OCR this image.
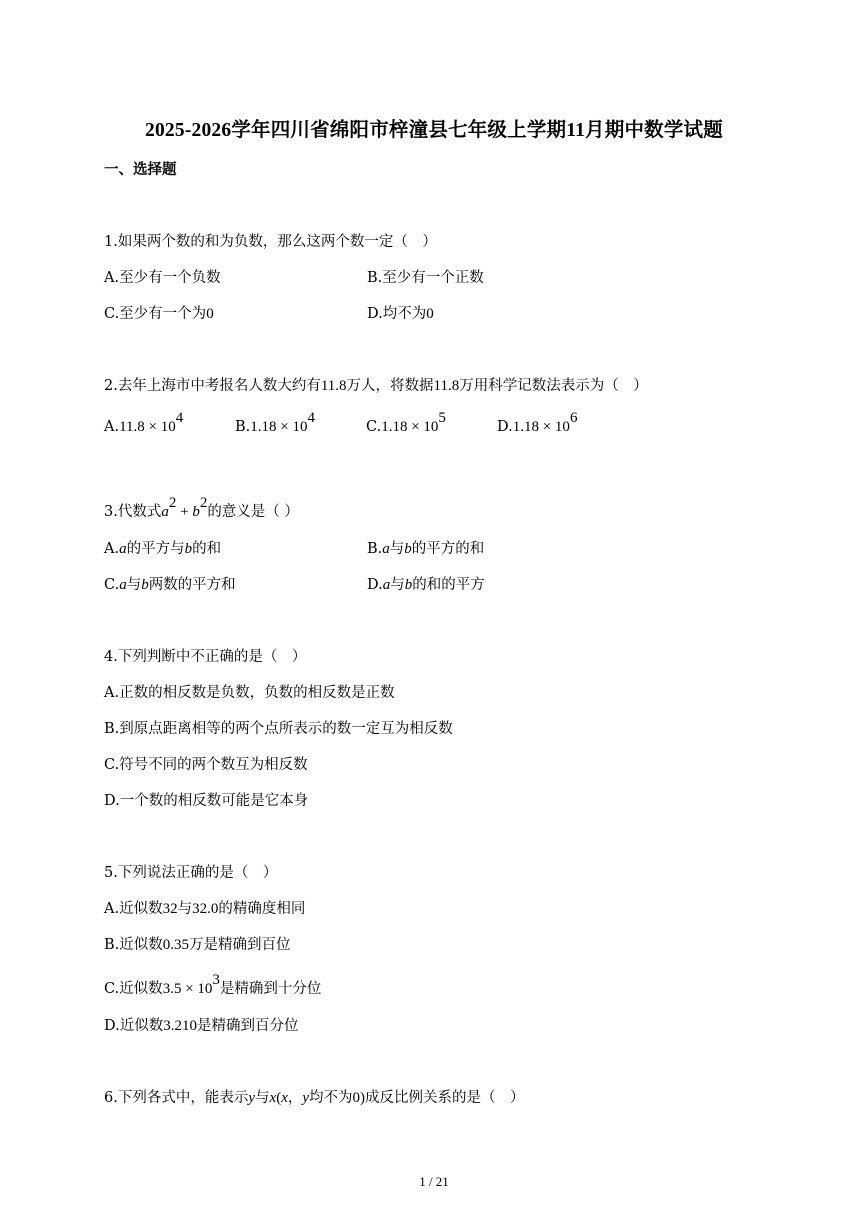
2025-2026学年四川省绵阳市梓潼县七年级上学期11月期中数学试题
一、选择题
1.如果两个数的和为负数，那么这两个数一定（　）
A.至少有一个负数	B.至少有一个正数
C.至少有一个为0	D.均不为0
2.去年上海市中考报名人数大约有11.8万人，将数据11.8万用科学记数法表示为（　）
$A.11.8 \times 10^4$
$B.1.18 \times 10^4$
$C.1.18 \times 10^5$
$D.1.18 \times 10^6$
3.代数式$a^2 + b^2$的意义是（ ）
A.a的平方与b的和	B.a与b的平方的和
C.a与b两数的平方和	D.a与b的和的平方
4.下列判断中不正确的是（　）
A.正数的相反数是负数，负数的相反数是正数
B.到原点距离相等的两个点所表示的数一定互为相反数
C.符号不同的两个数互为相反数
D.一个数的相反数可能是它本身
5.下列说法正确的是（　）
A.近似数32与32.0的精确度相同
B.近似数0.35万是精确到百位
C.近似数$3.5 \times 10^3$是精确到十分位
D.近似数3.210是精确到百分位
6.下列各式中，能表示y与x(x，y均不为0)成反比例关系的是（　）
1 / 21
